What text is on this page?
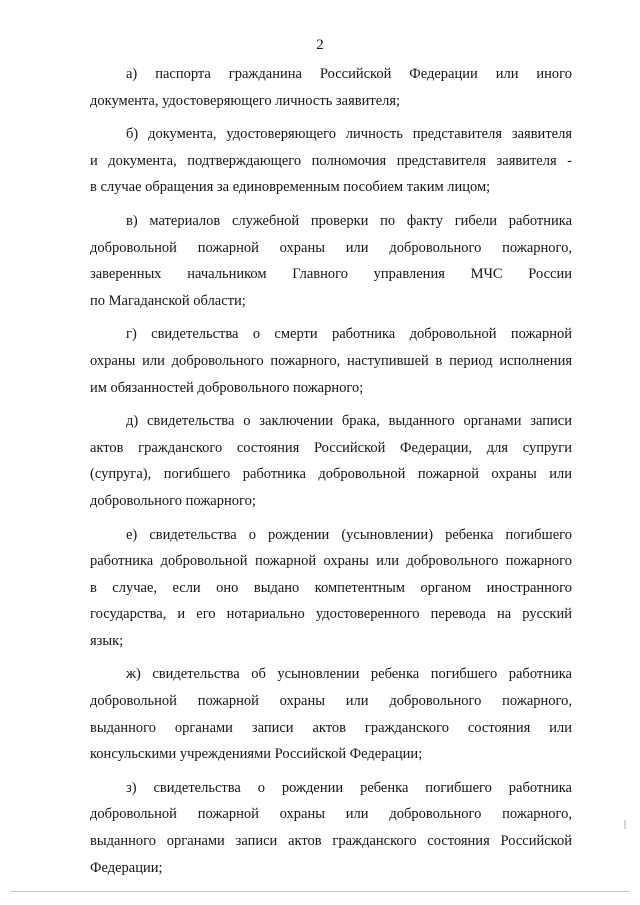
2

а) паспорта гражданина Российской Федерации или иного
документа, удостоверяющего личность заявителя;

б) документа, удостоверяющего личность представителя заявителя
и документа, подтверждающего полномочия представителя заявителя -
в случае обращения за единовременным пособием таким лицом;

в) материалов служебной проверки по факту гибели работника
добровольной пожарной охраны или добровольного пожарного,
заверенных начальником Главного управления МЧС России
по Магаданской области;

г) свидетельства о смерти работника добровольной пожарной
охраны или добровольного пожарного, наступившей в период исполнения
им обязанностей добровольного пожарного;

д) свидетельства о заключении брака, выданного органами записи
актов гражданского состояния Российской Федерации, для супруги
(супруга), погибшего работника добровольной пожарной охраны или
добровольного пожарного;

е) свидетельства о рождении (усыновлении) ребенка погибшего
работника добровольной пожарной охраны или добровольного пожарного
в случае, если оно выдано компетентным органом иностранного
государства, и его нотариально удостоверенного перевода на русский
язык;

ж) свидетельства об усыновлении ребенка погибшего работника
добровольной пожарной охраны или добровольного пожарного,
выданного органами записи актов гражданского состояния или
консульскими учреждениями Российской Федерации;

з) свидетельства о рождении ребенка погибшего работника
добровольной пожарной охраны или добровольного пожарного,
выданного органами записи актов гражданского состояния Российской
Федерации;
